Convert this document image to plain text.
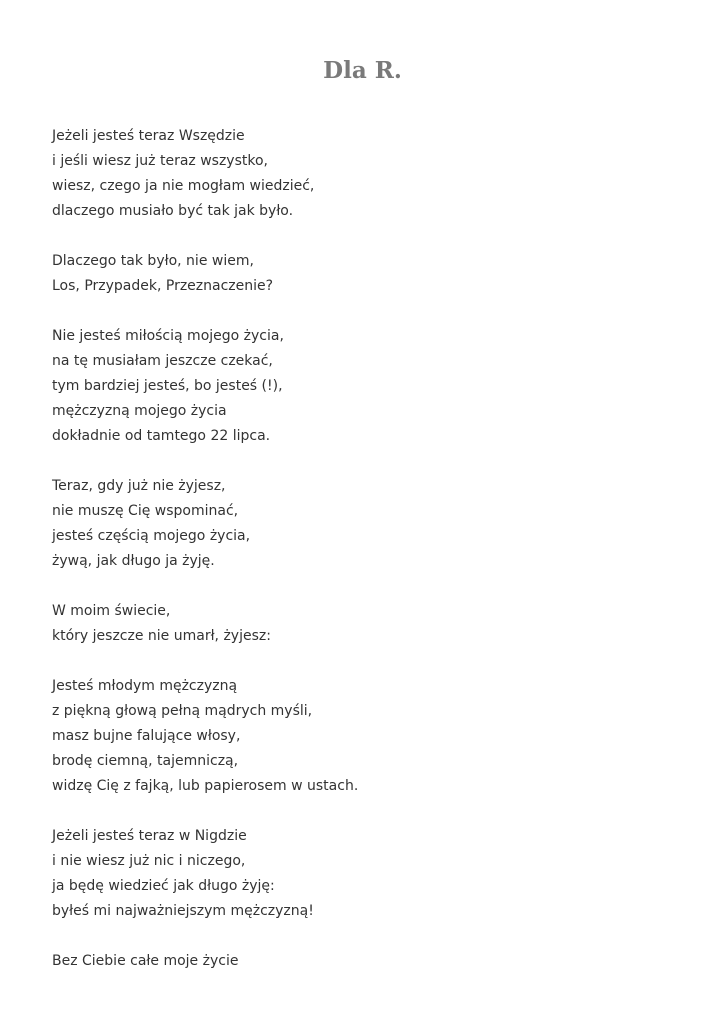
Dla R.
Jeżeli jesteś teraz Wszędzie
i jeśli wiesz już teraz wszystko,
wiesz, czego ja nie mogłam wiedzieć,
dlaczego musiało być tak jak było.
Dlaczego tak było, nie wiem,
Los, Przypadek, Przeznaczenie?
Nie jesteś miłością mojego życia,
na tę musiałam jeszcze czekać,
tym bardziej jesteś, bo jesteś (!),
mężczyzną mojego życia
dokładnie od tamtego 22 lipca.
Teraz, gdy już nie żyjesz,
nie muszę Cię wspominać,
jesteś częścią mojego życia,
żywą, jak długo ja żyję.
W moim świecie,
który jeszcze nie umarł, żyjesz:
Jesteś młodym mężczyzną
z piękną głową pełną mądrych myśli,
masz bujne falujące włosy,
brodę ciemną, tajemniczą,
widzę Cię z fajką, lub papierosem w ustach.
Jeżeli jesteś teraz w Nigdzie
i nie wiesz już nic i niczego,
ja będę wiedzieć jak długo żyję:
byłeś mi najważniejszym mężczyzną!
Bez Ciebie całe moje życie
